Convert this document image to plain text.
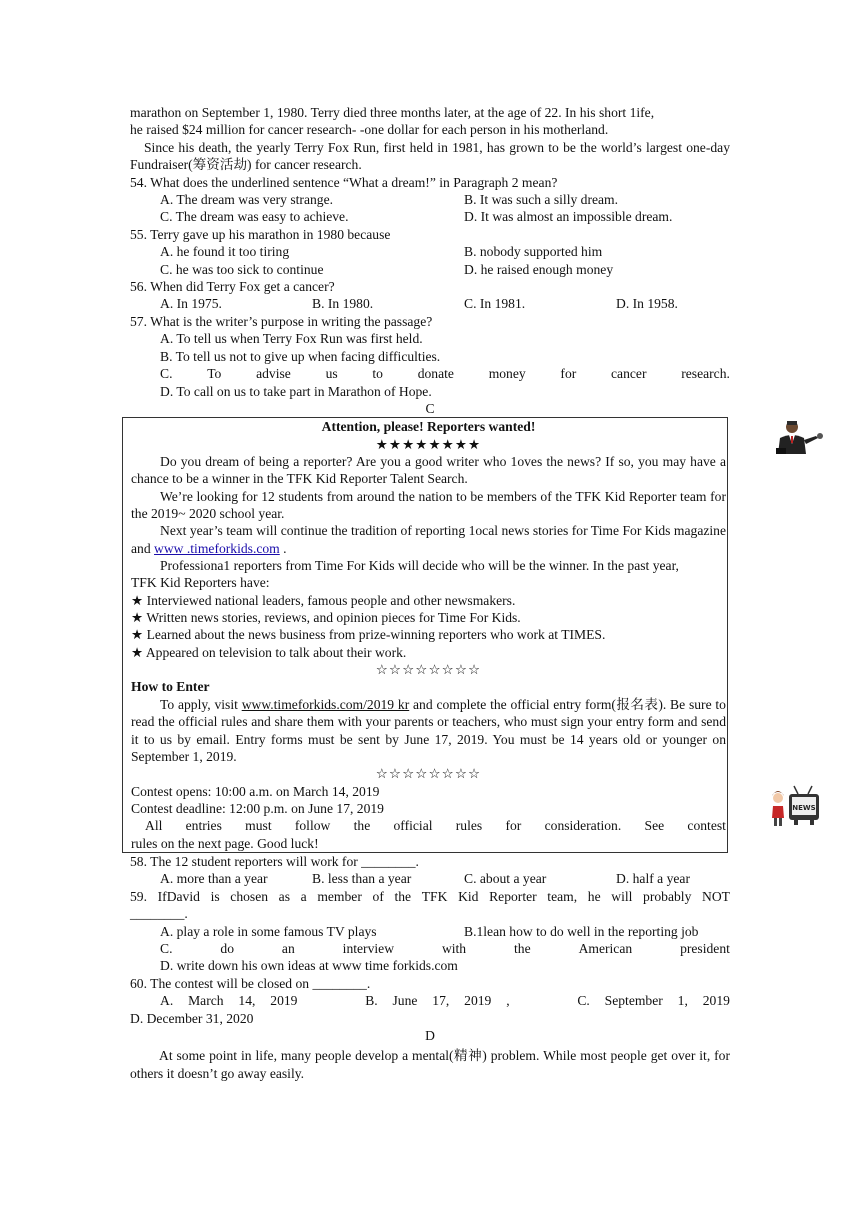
marathon on September 1, 1980. Terry died three months later, at the age of 22. In his short 1ife,

he raised $24 million for cancer research- -one dollar for each person in his motherland.

Since his death, the yearly Terry Fox Run, first held in 1981, has grown to be the world’s largest one-day Fundraiser(筹资活劫) for cancer research.

54. What does the underlined sentence “What a dream!” in Paragraph 2 mean?

A. The dream was very strange.	B. It was such a silly dream.
C. The dream was easy to achieve.	D. It was almost an impossible dream.

55. Terry gave up his marathon in 1980 because

A. he found it too tiring	B. nobody supported him
C. he was too sick to continue	D. he raised enough money

56. When did Terry Fox get a cancer?

A. In 1975.	B. In 1980.	C. In 1981.	D. In 1958.

57. What is the writer’s purpose in writing the passage?

A. To tell us when Terry Fox Run was first held.

B. To tell us not to give up when facing difficulties.

C.	To	advise	us	to	donate	money	for	cancer	research.

D. To call on us to take part in Marathon of Hope.

C

Attention, please! Reporters wanted!

★★★★★★★★

Do you dream of being a reporter? Are you a good writer who 1oves the news? If so, you may have a chance to be a winner in the TFK Kid Reporter Talent Search.

We’re looking for 12 students from around the nation to be members of the TFK Kid Reporter team for the 2019~ 2020 school year.

Next year’s team will continue the tradition of reporting 1ocal news stories for Time For Kids magazine and www .timeforkids.com .

Professiona1 reporters from Time For Kids will decide who will be the winner. In the past year,

TFK Kid Reporters have:

★ Interviewed national leaders, famous people and other newsmakers.

★ Written news stories, reviews, and opinion pieces for Time For Kids.

★ Learned about the news business from prize-winning reporters who work at TIMES.

★ Appeared on television to talk about their work.

☆☆☆☆☆☆☆☆

How to Enter

To apply, visit www.timeforkids.com/2019 kr and complete the official entry form(报名表). Be sure to read the official rules and share them with your parents or teachers, who must sign your entry form and send it to us by email. Entry forms must be sent by June 17, 2019. You must be 14 years old or younger on September 1, 2019.

☆☆☆☆☆☆☆☆

Contest opens: 10:00 a.m. on March 14, 2019

Contest deadline: 12:00 p.m. on June 17, 2019

All entries must follow the official rules for consideration. See contest

rules on the next page. Good luck!

58. The 12 student reporters will work for ________.

A. more than a year	B. less than a year	C. about a year	D. half a year
59. IfDavid is chosen as a member of the TFK Kid Reporter team, he will probably NOT

________.

A. play a role in some famous TV plays	B.1lean how to do well in the reporting job
C.	do	an	interview	with	the	American	president

D. write down his own ideas at www time forkids.com

60. The contest will be closed on ________.

A. March 14, 2019	B. June 17, 2019 ,	C. September 1, 2019

D. December 31, 2020

D

At some point in life, many people develop a mental(精神) problem. While most people get over it, for others it doesn’t go away easily.

NEWS
